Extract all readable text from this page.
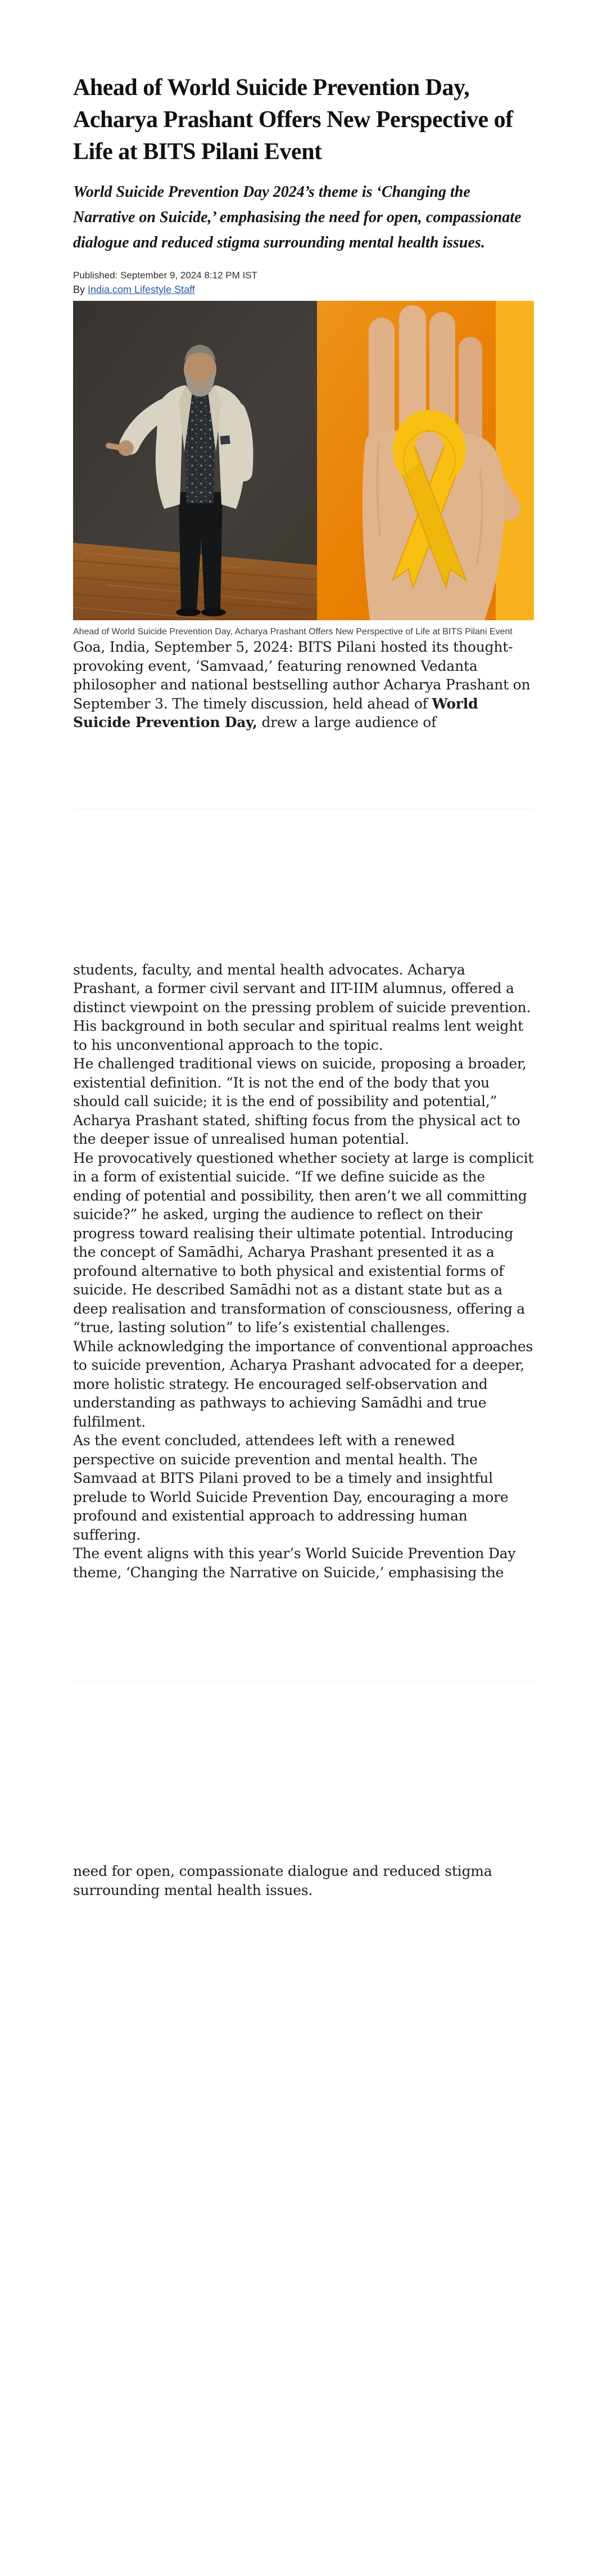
Ahead of World Suicide Prevention Day, Acharya Prashant Offers New Perspective of Life at BITS Pilani Event

World Suicide Prevention Day 2024’s theme is ‘Changing the Narrative on Suicide,’ emphasising the need for open, compassionate dialogue and reduced stigma surrounding mental health issues.

Published: September 9, 2024 8:12 PM IST
By India.com Lifestyle Staff
Ahead of World Suicide Prevention Day, Acharya Prashant Offers New Perspective of Life at BITS Pilani Event

Goa, India, September 5, 2024: BITS Pilani hosted its thought-provoking event, ‘Samvaad,’ featuring renowned Vedanta philosopher and national bestselling author Acharya Prashant on September 3. The timely discussion, held ahead of World Suicide Prevention Day, drew a large audience of

students, faculty, and mental health advocates. Acharya Prashant, a former civil servant and IIT-IIM alumnus, offered a distinct viewpoint on the pressing problem of suicide prevention. His background in both secular and spiritual realms lent weight to his unconventional approach to the topic.

He challenged traditional views on suicide, proposing a broader, existential definition. “It is not the end of the body that you should call suicide; it is the end of possibility and potential,” Acharya Prashant stated, shifting focus from the physical act to the deeper issue of unrealised human potential.

He provocatively questioned whether society at large is complicit in a form of existential suicide. “If we define suicide as the ending of potential and possibility, then aren’t we all committing suicide?” he asked, urging the audience to reflect on their progress toward realising their ultimate potential. Introducing the concept of Samādhi, Acharya Prashant presented it as a profound alternative to both physical and existential forms of suicide. He described Samādhi not as a distant state but as a deep realisation and transformation of consciousness, offering a “true, lasting solution” to life’s existential challenges.

While acknowledging the importance of conventional approaches to suicide prevention, Acharya Prashant advocated for a deeper, more holistic strategy. He encouraged self-observation and understanding as pathways to achieving Samādhi and true fulfilment.

As the event concluded, attendees left with a renewed perspective on suicide prevention and mental health. The Samvaad at BITS Pilani proved to be a timely and insightful prelude to World Suicide Prevention Day, encouraging a more profound and existential approach to addressing human suffering.

The event aligns with this year’s World Suicide Prevention Day theme, ‘Changing the Narrative on Suicide,’ emphasising the

need for open, compassionate dialogue and reduced stigma surrounding mental health issues.
